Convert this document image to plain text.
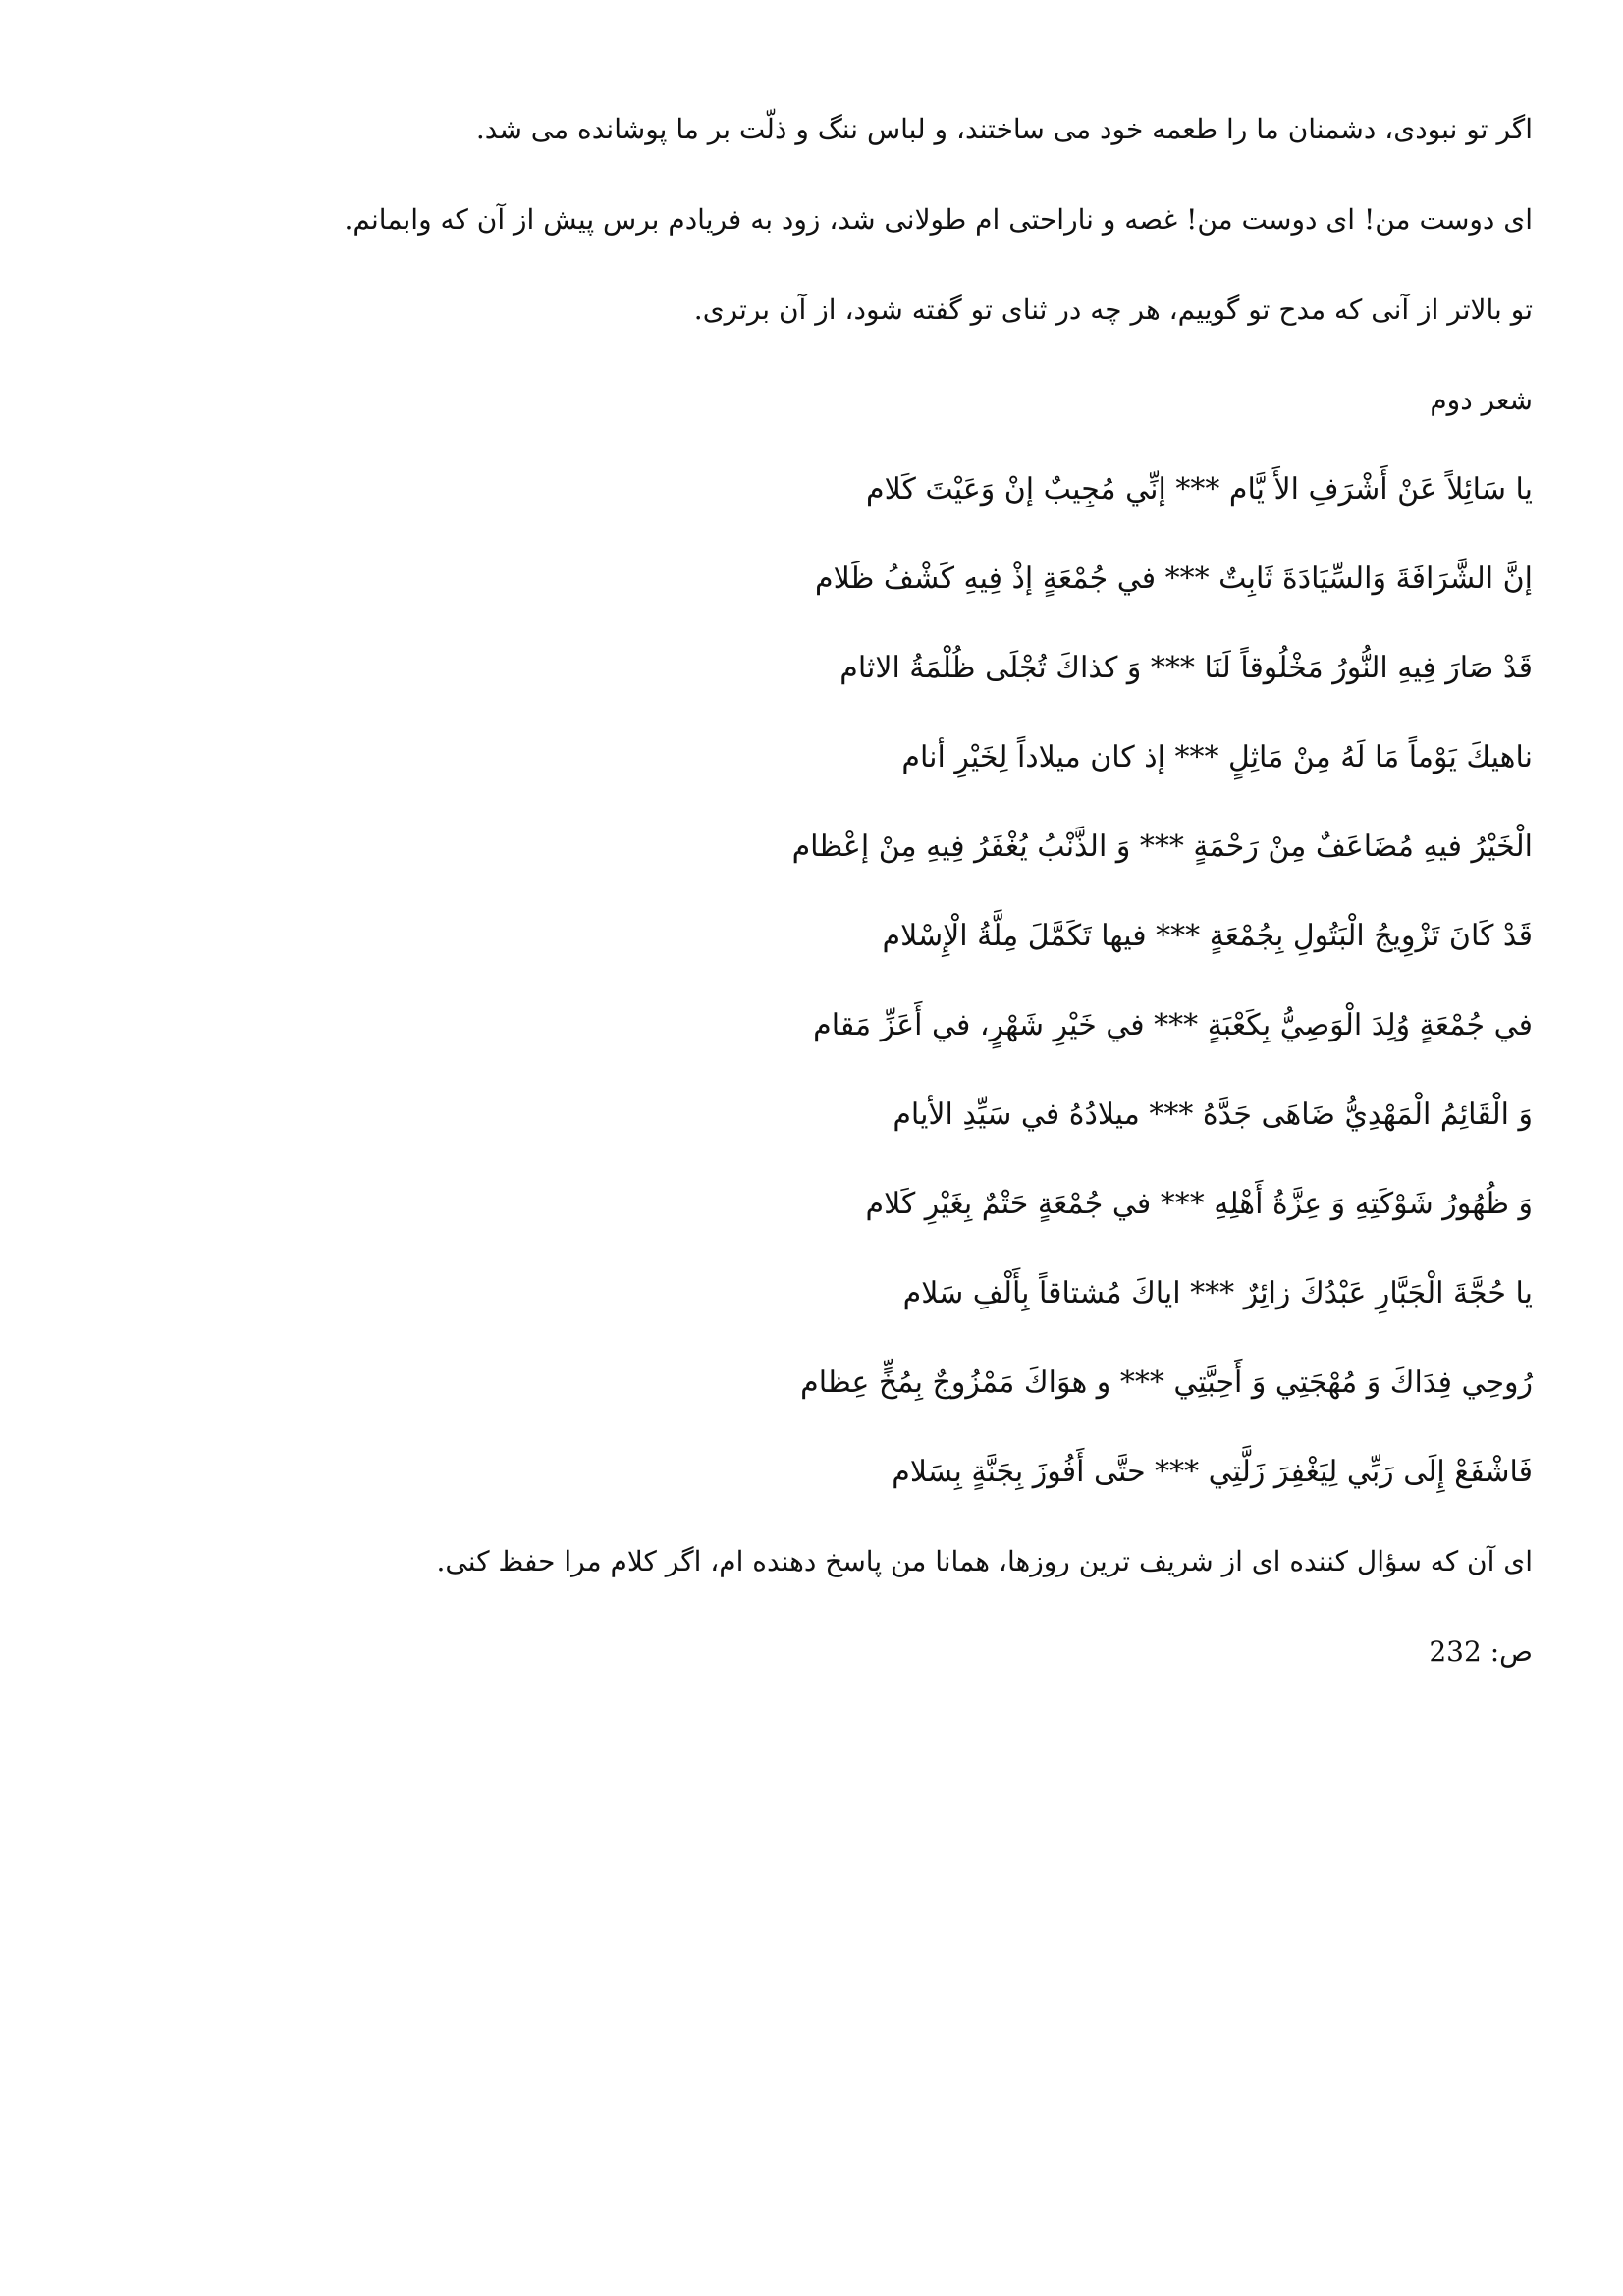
اگر تو نبودی، دشمنان ما را طعمه خود می ساختند، و لباس ننگ و ذلّت بر ما پوشانده می شد.
ای دوست من! ای دوست من! غصه و ناراحتی ام طولانی شد، زود به فریادم برس پیش از آن که وابمانم.
تو بالاتر از آنی که مدح تو گوییم، هر چه در ثنای تو گفته شود، از آن برتری.
شعر دوم
يا سَائِلاً عَنْ أَشْرَفِ الأَ يَّام *** إنِّي مُجِيبٌ إنْ وَعَيْتَ كَلام
إنَّ الشَّرَافَةَ وَالسِّيَادَةَ ثَابِتٌ *** في جُمْعَةٍ إذْ فِيهِ كَشْفُ ظَلام
قَدْ صَارَ فِيهِ النُّورُ مَخْلُوقاً لَنَا *** وَ كذاكَ تُجْلَى ظُلْمَةُ الاثام
ناهيكَ يَوْماً مَا لَهُ مِنْ مَاثِلٍ *** إذ كان ميلاداً لِخَيْرِ أنام
الْخَيْرُ فيهِ مُضَاعَفٌ مِنْ رَحْمَةٍ *** وَ الذَّنْبُ يُغْفَرُ فِيهِ مِنْ إعْظام
قَدْ كَانَ تَزْوِيجُ الْبَتُولِ بِجُمْعَةٍ *** فيها تَكَمَّلَ مِلَّةُ الْإِسْلام
في جُمْعَةٍ وُلِدَ الْوَصِيُّ بِكَعْبَةٍ *** في خَيْرِ شَهْرٍ، في أَعَزِّ مَقام
وَ الْقَائِمُ الْمَهْدِيُّ ضَاهَى جَدَّهُ *** ميلادُهُ في سَيِّدِ الأيام
وَ ظُهُورُ شَوْكَتِهِ وَ عِزَّةُ أَهْلِهِ *** في جُمْعَةٍ حَتْمٌ بِغَيْرِ كَلام
يا حُجَّةَ الْجَبَّارِ عَبْدُكَ زائِرٌ *** اياكَ مُشتاقاً بِأَلْفِ سَلام
رُوحِي فِدَاكَ وَ مُهْجَتِي وَ أَحِبَّتِي *** و هوَاكَ مَمْزُوجٌ بِمُخٍّ عِظام
فَاشْفَعْ إِلَى رَبِّي لِيَغْفِرَ زَلَّتِي *** حتَّى أَفُوزَ بِجَنَّةٍ بِسَلام
ای آن که سؤال کننده ای از شریف ترین روزها، همانا من پاسخ دهنده ام، اگر کلام مرا حفظ کنی.
ص: 232
